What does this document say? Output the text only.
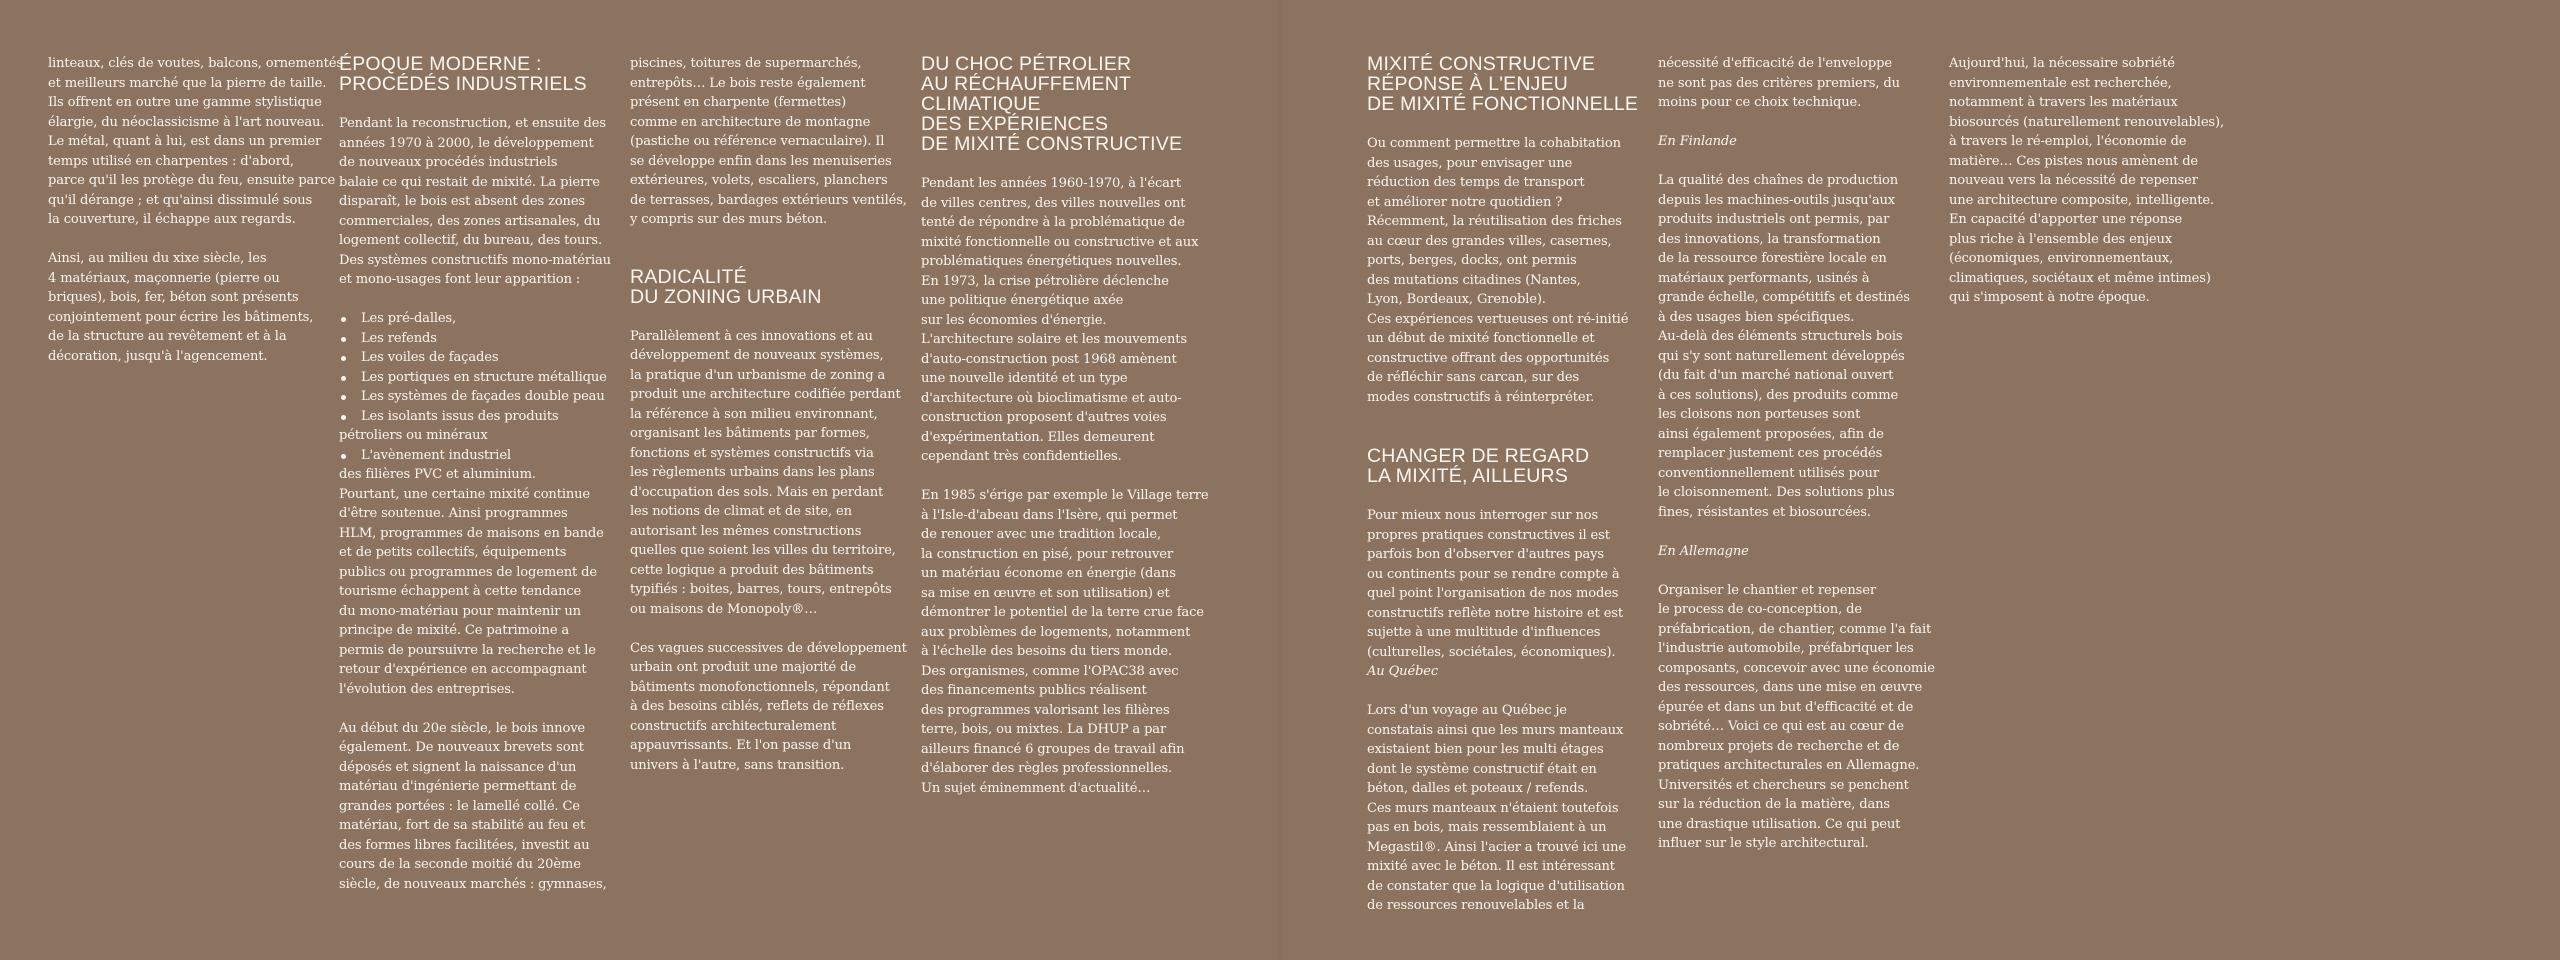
linteaux, clés de voutes, balcons, ornementés
et meilleurs marché que la pierre de taille.
Ils offrent en outre une gamme stylistique
élargie, du néoclassicisme à l'art nouveau.
Le métal, quant à lui, est dans un premier
temps utilisé en charpentes : d'abord,
parce qu'il les protège du feu, ensuite parce
qu'il dérange ; et qu'ainsi dissimulé sous
la couverture, il échappe aux regards.
Ainsi, au milieu du xixe siècle, les
4 matériaux, maçonnerie (pierre ou
briques), bois, fer, béton sont présents
conjointement pour écrire les bâtiments,
de la structure au revêtement et à la
décoration, jusqu'à l'agencement.
ÉPOQUE MODERNE :
PROCÉDÉS INDUSTRIELS
Pendant la reconstruction, et ensuite des
années 1970 à 2000, le développement
de nouveaux procédés industriels
balaie ce qui restait de mixité. La pierre
disparaît, le bois est absent des zones
commerciales, des zones artisanales, du
logement collectif, du bureau, des tours.
Des systèmes constructifs mono-matériau
et mono-usages font leur apparition :
Les pré-dalles,
Les refends
Les voiles de façades
Les portiques en structure métallique
Les systèmes de façades double peau
Les isolants issus des produits
pétroliers ou minéraux
L'avènement industriel
des filières PVC et aluminium.
Pourtant, une certaine mixité continue
d'être soutenue. Ainsi programmes
HLM, programmes de maisons en bande
et de petits collectifs, équipements
publics ou programmes de logement de
tourisme échappent à cette tendance
du mono-matériau pour maintenir un
principe de mixité. Ce patrimoine a
permis de poursuivre la recherche et le
retour d'expérience en accompagnant
l'évolution des entreprises.
Au début du 20e siècle, le bois innove
également. De nouveaux brevets sont
déposés et signent la naissance d'un
matériau d'ingénierie permettant de
grandes portées : le lamellé collé. Ce
matériau, fort de sa stabilité au feu et
des formes libres facilitées, investit au
cours de la seconde moitié du 20ème
siècle, de nouveaux marchés : gymnases,
piscines, toitures de supermarchés,
entrepôts… Le bois reste également
présent en charpente (fermettes)
comme en architecture de montagne
(pastiche ou référence vernaculaire). Il
se développe enfin dans les menuiseries
extérieures, volets, escaliers, planchers
de terrasses, bardages extérieurs ventilés,
y compris sur des murs béton.
RADICALITÉ
DU ZONING URBAIN
Parallèlement à ces innovations et au
développement de nouveaux systèmes,
la pratique d'un urbanisme de zoning a
produit une architecture codifiée perdant
la référence à son milieu environnant,
organisant les bâtiments par formes,
fonctions et systèmes constructifs via
les règlements urbains dans les plans
d'occupation des sols. Mais en perdant
les notions de climat et de site, en
autorisant les mêmes constructions
quelles que soient les villes du territoire,
cette logique a produit des bâtiments
typifiés : boites, barres, tours, entrepôts
ou maisons de Monopoly®…
Ces vagues successives de développement
urbain ont produit une majorité de
bâtiments monofonctionnels, répondant
à des besoins ciblés, reflets de réflexes
constructifs architecturalement
appauvrissants. Et l'on passe d'un
univers à l'autre, sans transition.
DU CHOC PÉTROLIER
AU RÉCHAUFFEMENT
CLIMATIQUE
DES EXPÉRIENCES
DE MIXITÉ CONSTRUCTIVE
Pendant les années 1960-1970, à l'écart
de villes centres, des villes nouvelles ont
tenté de répondre à la problématique de
mixité fonctionnelle ou constructive et aux
problématiques énergétiques nouvelles.
En 1973, la crise pétrolière déclenche
une politique énergétique axée
sur les économies d'énergie.
L'architecture solaire et les mouvements
d'auto-construction post 1968 amènent
une nouvelle identité et un type
d'architecture où bioclimatisme et auto-
construction proposent d'autres voies
d'expérimentation. Elles demeurent
cependant très confidentielles.
En 1985 s'érige par exemple le Village terre
à l'Isle-d'abeau dans l'Isère, qui permet
de renouer avec une tradition locale,
la construction en pisé, pour retrouver
un matériau économe en énergie (dans
sa mise en œuvre et son utilisation) et
démontrer le potentiel de la terre crue face
aux problèmes de logements, notamment
à l'échelle des besoins du tiers monde.
Des organismes, comme l'OPAC38 avec
des financements publics réalisent
des programmes valorisant les filières
terre, bois, ou mixtes. La DHUP a par
ailleurs financé 6 groupes de travail afin
d'élaborer des règles professionnelles.
Un sujet éminemment d'actualité…
MIXITÉ CONSTRUCTIVE
RÉPONSE À L'ENJEU
DE MIXITÉ FONCTIONNELLE
Ou comment permettre la cohabitation
des usages, pour envisager une
réduction des temps de transport
et améliorer notre quotidien ?
Récemment, la réutilisation des friches
au cœur des grandes villes, casernes,
ports, berges, docks, ont permis
des mutations citadines (Nantes,
Lyon, Bordeaux, Grenoble).
Ces expériences vertueuses ont ré-initié
un début de mixité fonctionnelle et
constructive offrant des opportunités
de réfléchir sans carcan, sur des
modes constructifs à réinterpréter.
CHANGER DE REGARD
LA MIXITÉ, AILLEURS
Pour mieux nous interroger sur nos
propres pratiques constructives il est
parfois bon d'observer d'autres pays
ou continents pour se rendre compte à
quel point l'organisation de nos modes
constructifs reflète notre histoire et est
sujette à une multitude d'influences
(culturelles, sociétales, économiques).
Au Québec
Lors d'un voyage au Québec je
constatais ainsi que les murs manteaux
existaient bien pour les multi étages
dont le système constructif était en
béton, dalles et poteaux / refends.
Ces murs manteaux n'étaient toutefois
pas en bois, mais ressemblaient à un
Megastil®. Ainsi l'acier a trouvé ici une
mixité avec le béton. Il est intéressant
de constater que la logique d'utilisation
de ressources renouvelables et la
nécessité d'efficacité de l'enveloppe
ne sont pas des critères premiers, du
moins pour ce choix technique.
En Finlande
La qualité des chaînes de production
depuis les machines-outils jusqu'aux
produits industriels ont permis, par
des innovations, la transformation
de la ressource forestière locale en
matériaux performants, usinés à
grande échelle, compétitifs et destinés
à des usages bien spécifiques.
Au-delà des éléments structurels bois
qui s'y sont naturellement développés
(du fait d'un marché national ouvert
à ces solutions), des produits comme
les cloisons non porteuses sont
ainsi également proposées, afin de
remplacer justement ces procédés
conventionnellement utilisés pour
le cloisonnement. Des solutions plus
fines, résistantes et biosourcées.
En Allemagne
Organiser le chantier et repenser
le process de co-conception, de
préfabrication, de chantier, comme l'a fait
l'industrie automobile, préfabriquer les
composants, concevoir avec une économie
des ressources, dans une mise en œuvre
épurée et dans un but d'efficacité et de
sobriété… Voici ce qui est au cœur de
nombreux projets de recherche et de
pratiques architecturales en Allemagne.
Universités et chercheurs se penchent
sur la réduction de la matière, dans
une drastique utilisation. Ce qui peut
influer sur le style architectural.
Aujourd'hui, la nécessaire sobriété
environnementale est recherchée,
notamment à travers les matériaux
biosourcés (naturellement renouvelables),
à travers le ré-emploi, l'économie de
matière… Ces pistes nous amènent de
nouveau vers la nécessité de repenser
une architecture composite, intelligente.
En capacité d'apporter une réponse
plus riche à l'ensemble des enjeux
(économiques, environnementaux,
climatiques, sociétaux et même intimes)
qui s'imposent à notre époque.
